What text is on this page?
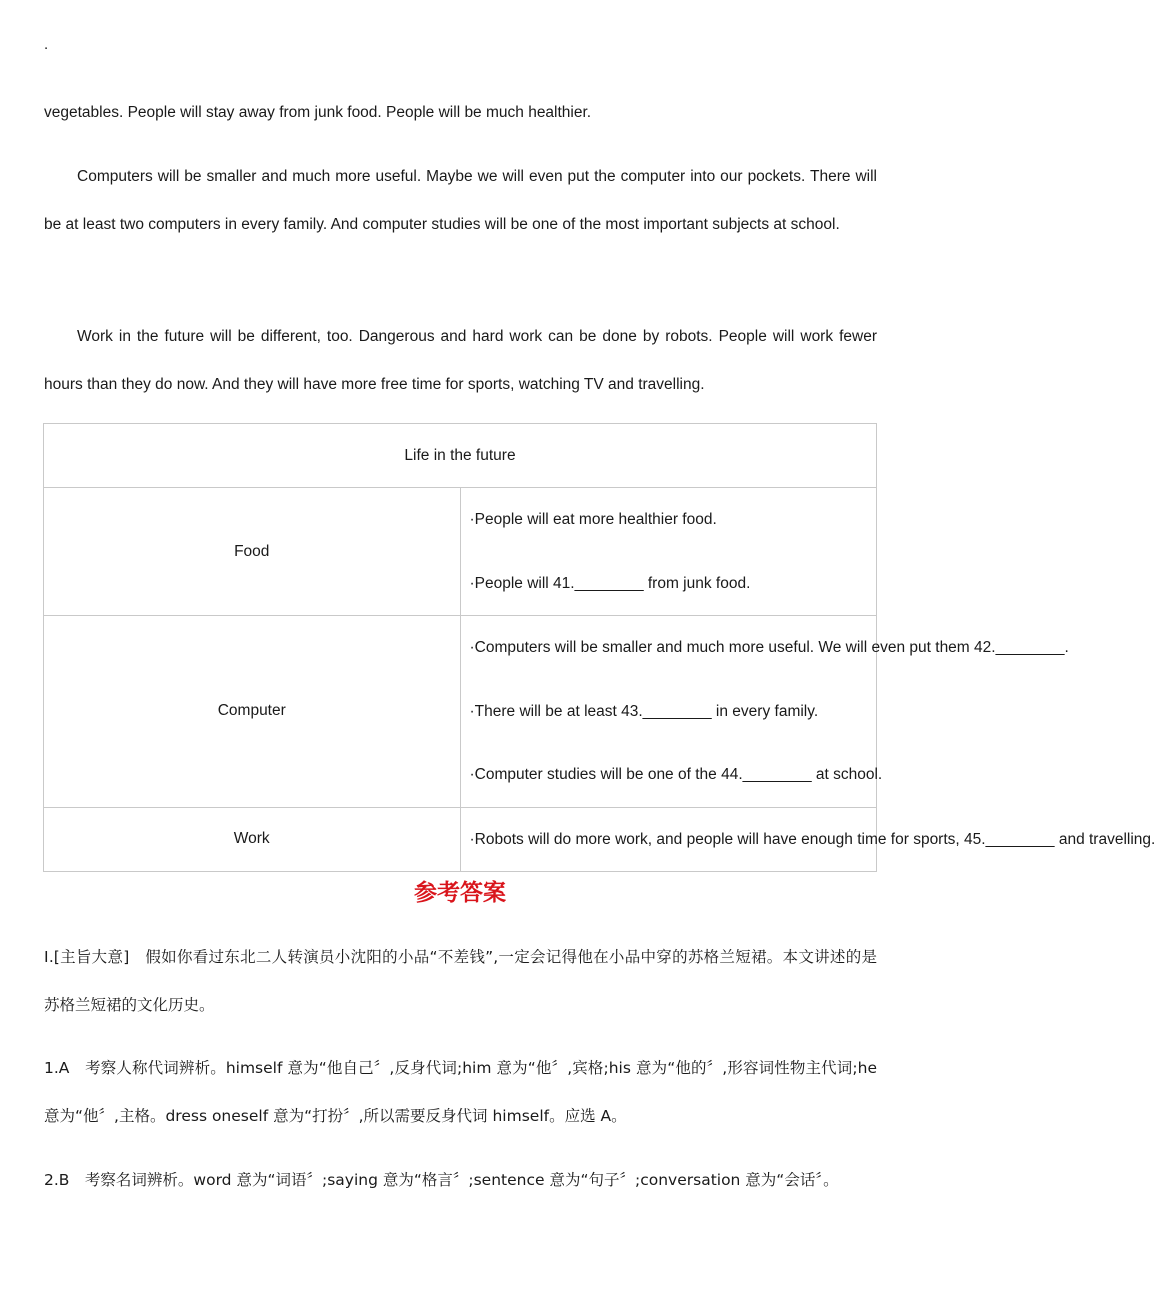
.
vegetables. People will stay away from junk food. People will be much healthier.
Computers will be smaller and much more useful. Maybe we will even put the computer into our pockets. There will be at least two computers in every family. And computer studies will be one of the most important subjects at school.
Work in the future will be different, too. Dangerous and hard work can be done by robots. People will work fewer hours than they do now. And they will have more free time for sports, watching TV and travelling.
Life in the future	
Food	·People will eat more healthier food.
·People will 41.________ from junk food.

Computer	·Computers will be smaller and much more useful. We will even put them 42.________.
·There will be at least 43.________ in every family.
·Computer studies will be one of the 44.________ at school.

Work	·Robots will do more work, and people will have enough time for sports, 45.________ and travelling.
参考答案
Ⅰ.[主旨大意]　假如你看过东北二人转演员小沈阳的小品“不差钱”,一定会记得他在小品中穿的苏格兰短裙。本文讲述的是苏格兰短裙的文化历史。
1.A　考察人称代词辨析。himself 意为“他自己〞,反身代词;him 意为“他〞,宾格;his 意为“他的〞,形容词性物主代词;he 意为“他〞,主格。dress oneself 意为“打扮〞,所以需要反身代词 himself。应选 A。
2.B　考察名词辨析。word 意为“词语〞;saying 意为“格言〞;sentence 意为“句子〞;conversation 意为“会话〞。
